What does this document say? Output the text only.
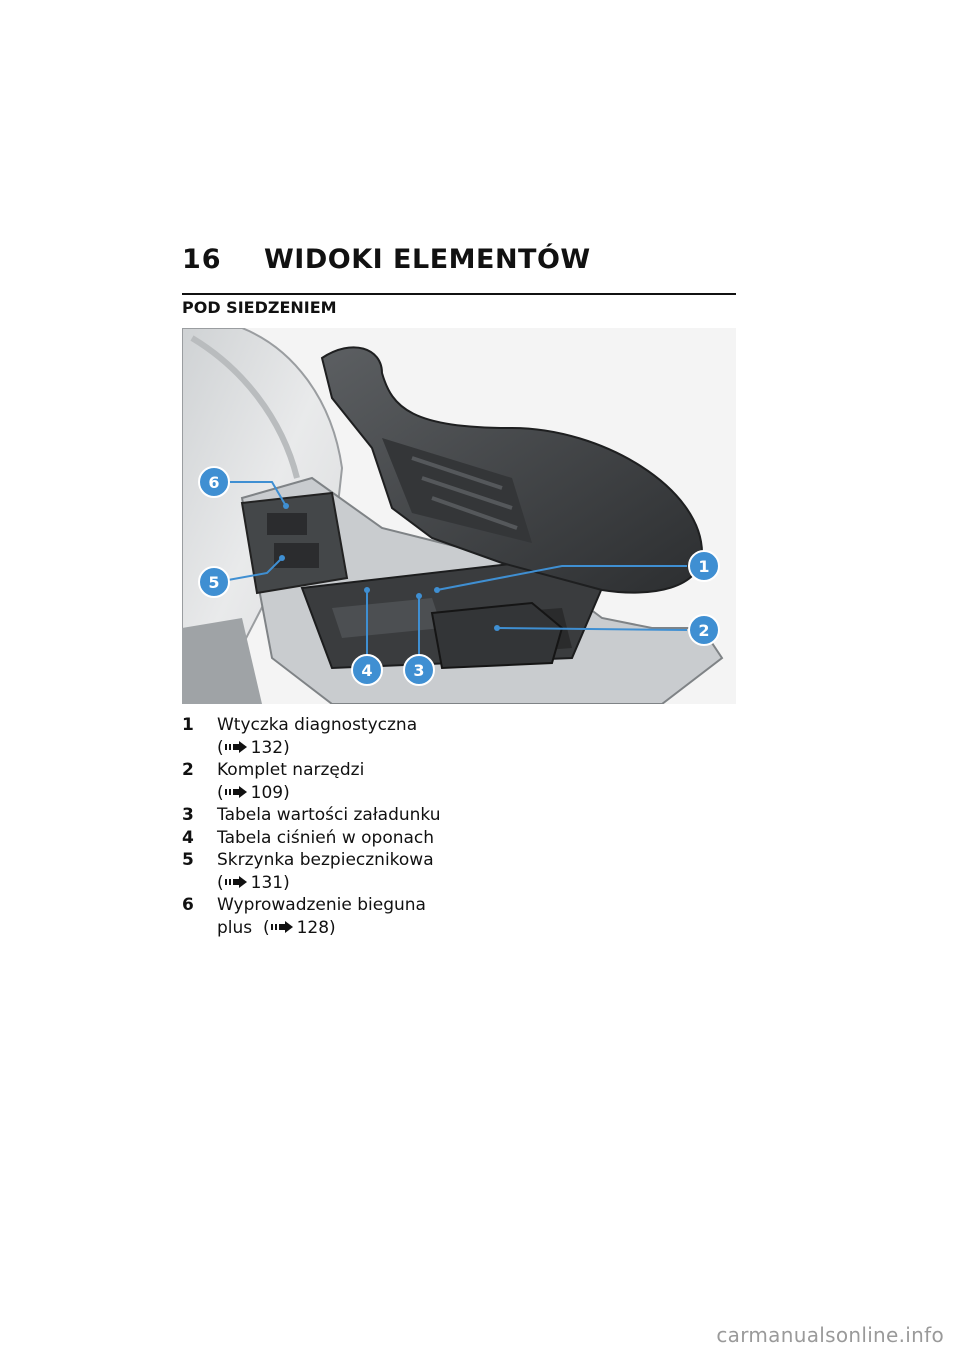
16 WIDOKI ELEMENTÓW
POD SIEDZENIEM
1
2
3
4
5
6
1	Wtyczka diagnostyczna
( 132)
2	Komplet narzędzi
( 109)
3	Tabela wartości załadunku
4	Tabela ciśnień w oponach
5	Skrzynka bezpiecznikowa
( 131)
6	Wyprowadzenie bieguna
plus ( 128)
carmanualsonline.info
